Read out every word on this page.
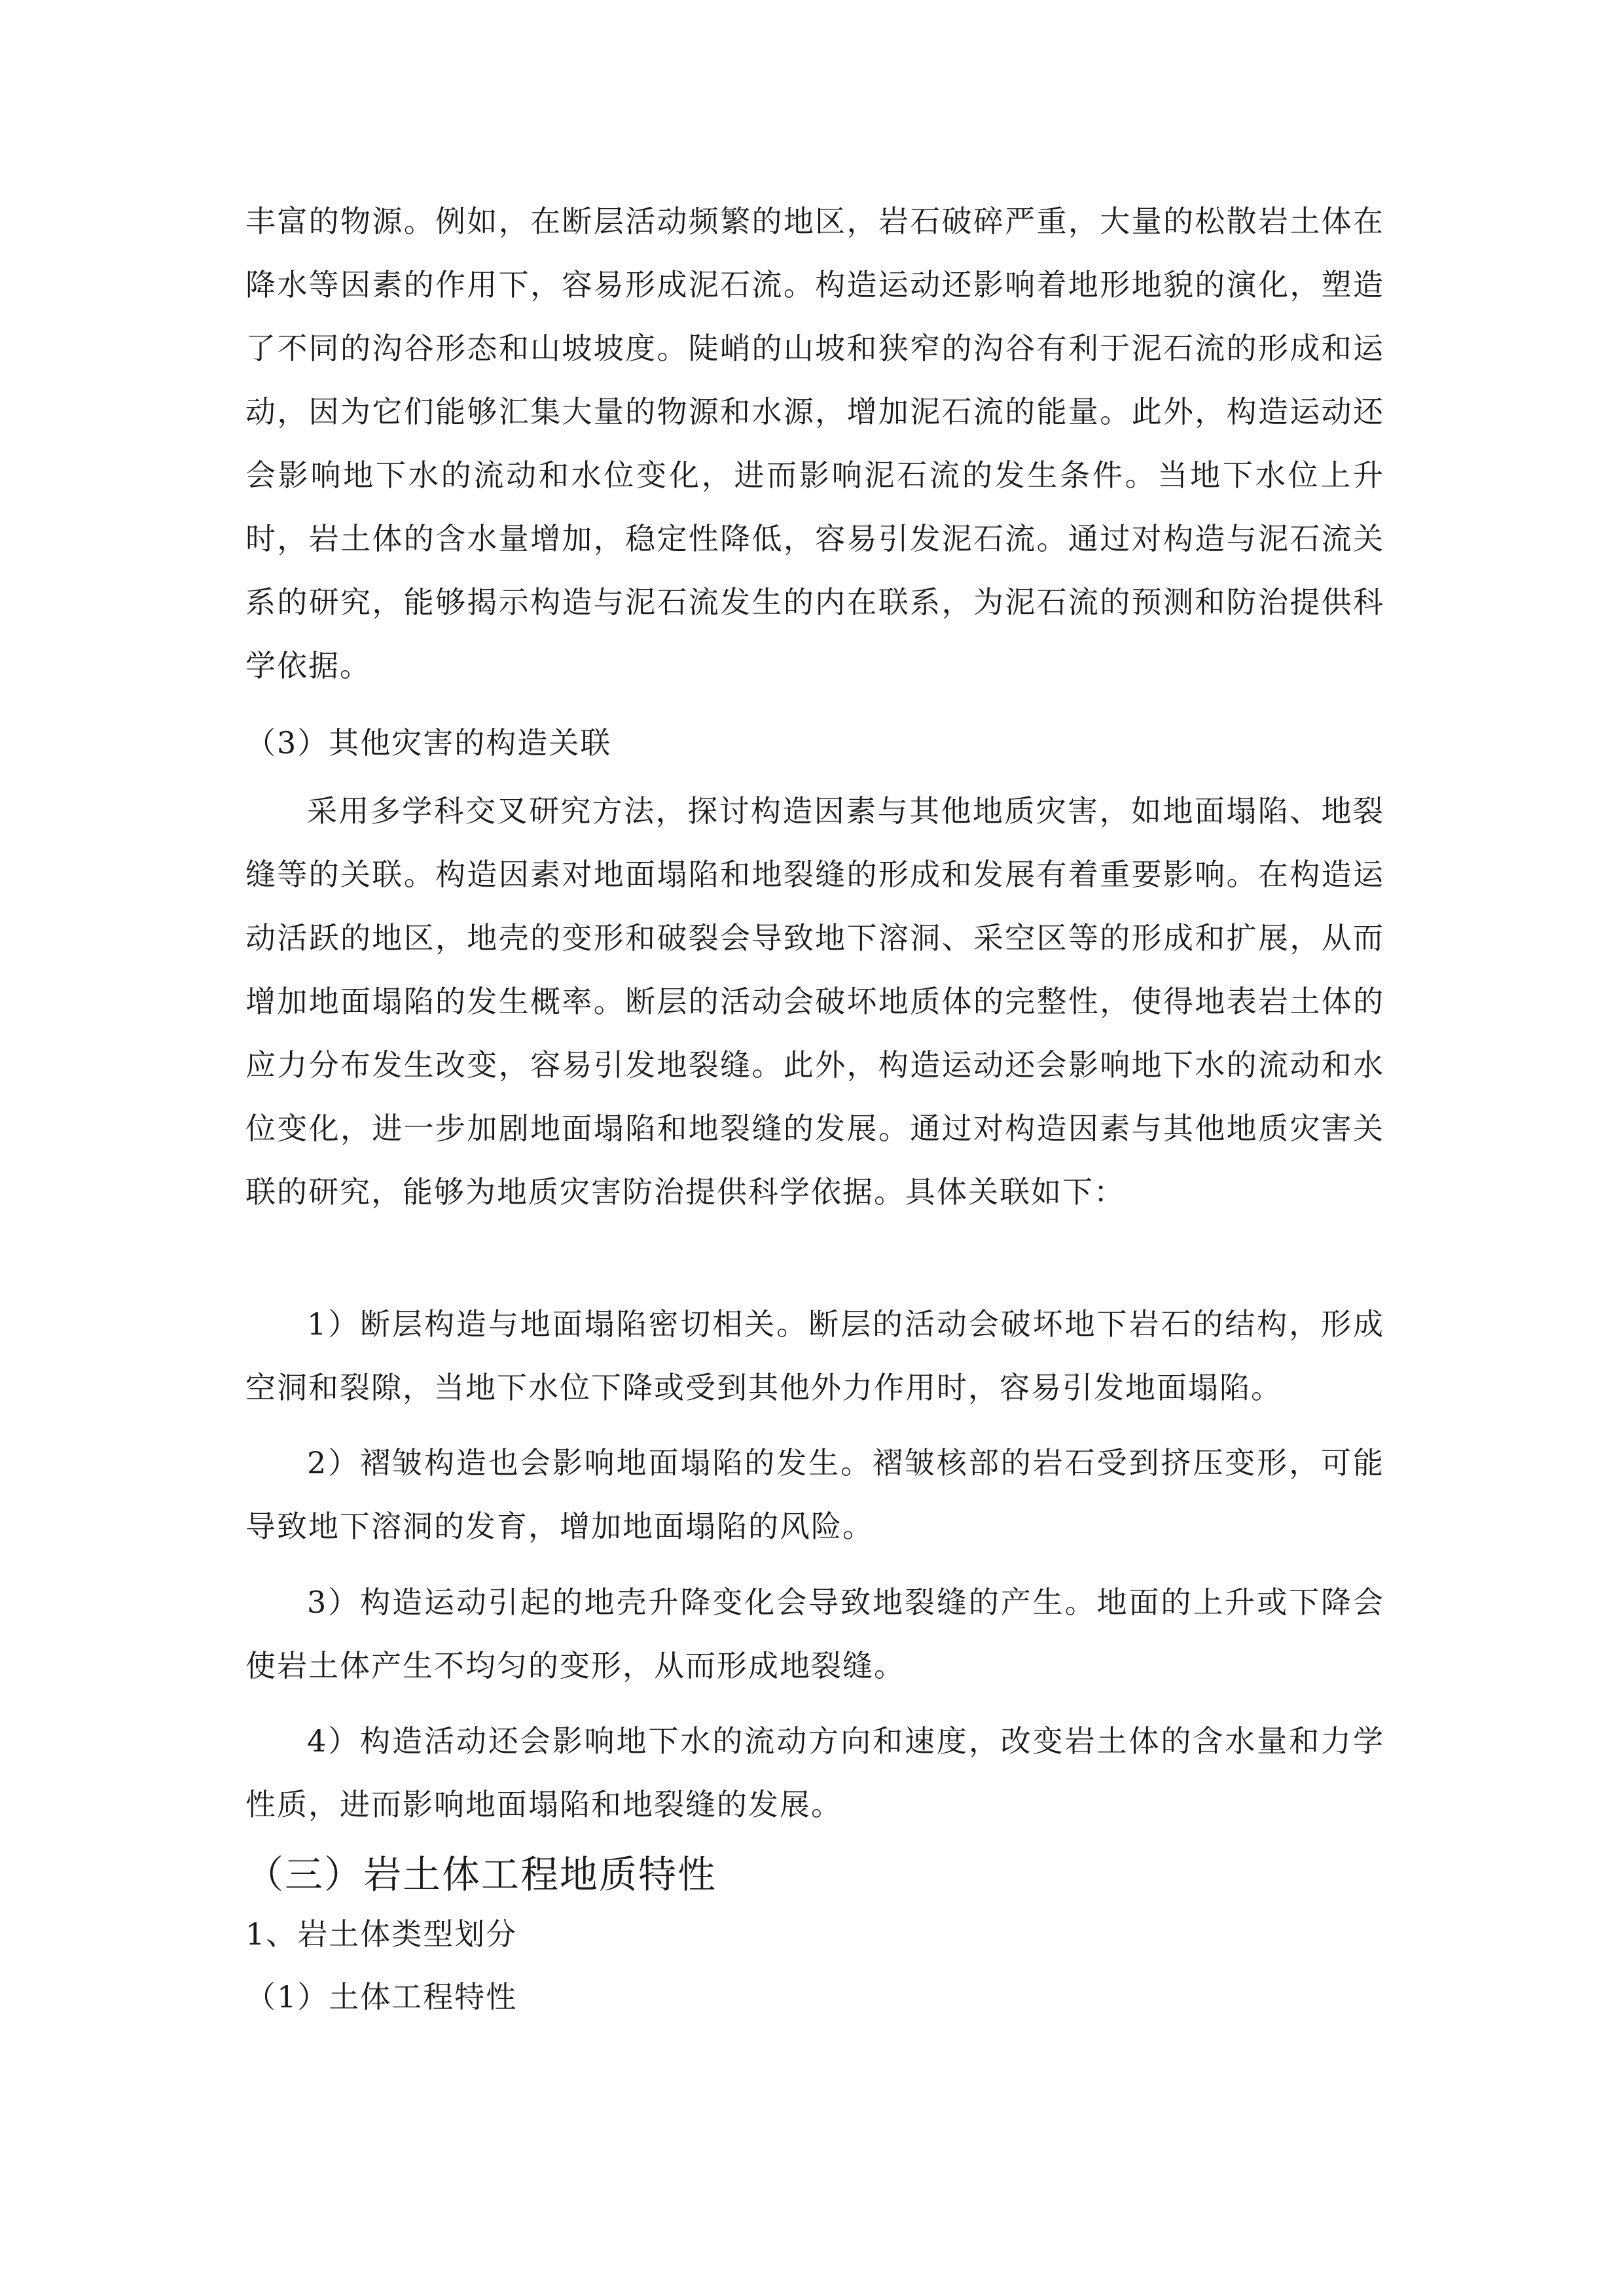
丰富的物源。例如，在断层活动频繁的地区，岩石破碎严重，大量的松散岩土体在降水等因素的作用下，容易形成泥石流。构造运动还影响着地形地貌的演化，塑造了不同的沟谷形态和山坡坡度。陡峭的山坡和狭窄的沟谷有利于泥石流的形成和运动，因为它们能够汇集大量的物源和水源，增加泥石流的能量。此外，构造运动还会影响地下水的流动和水位变化，进而影响泥石流的发生条件。当地下水位上升时，岩土体的含水量增加，稳定性降低，容易引发泥石流。通过对构造与泥石流关系的研究，能够揭示构造与泥石流发生的内在联系，为泥石流的预测和防治提供科学依据。

（3）其他灾害的构造关联

采用多学科交叉研究方法，探讨构造因素与其他地质灾害，如地面塌陷、地裂缝等的关联。构造因素对地面塌陷和地裂缝的形成和发展有着重要影响。在构造运动活跃的地区，地壳的变形和破裂会导致地下溶洞、采空区等的形成和扩展，从而增加地面塌陷的发生概率。断层的活动会破坏地质体的完整性，使得地表岩土体的应力分布发生改变，容易引发地裂缝。此外，构造运动还会影响地下水的流动和水位变化，进一步加剧地面塌陷和地裂缝的发展。通过对构造因素与其他地质灾害关联的研究，能够为地质灾害防治提供科学依据。具体关联如下：

1）断层构造与地面塌陷密切相关。断层的活动会破坏地下岩石的结构，形成空洞和裂隙，当地下水位下降或受到其他外力作用时，容易引发地面塌陷。

2）褶皱构造也会影响地面塌陷的发生。褶皱核部的岩石受到挤压变形，可能导致地下溶洞的发育，增加地面塌陷的风险。

3）构造运动引起的地壳升降变化会导致地裂缝的产生。地面的上升或下降会使岩土体产生不均匀的变形，从而形成地裂缝。

4）构造活动还会影响地下水的流动方向和速度，改变岩土体的含水量和力学性质，进而影响地面塌陷和地裂缝的发展。

（三）岩土体工程地质特性

1、岩土体类型划分

（1）土体工程特性
